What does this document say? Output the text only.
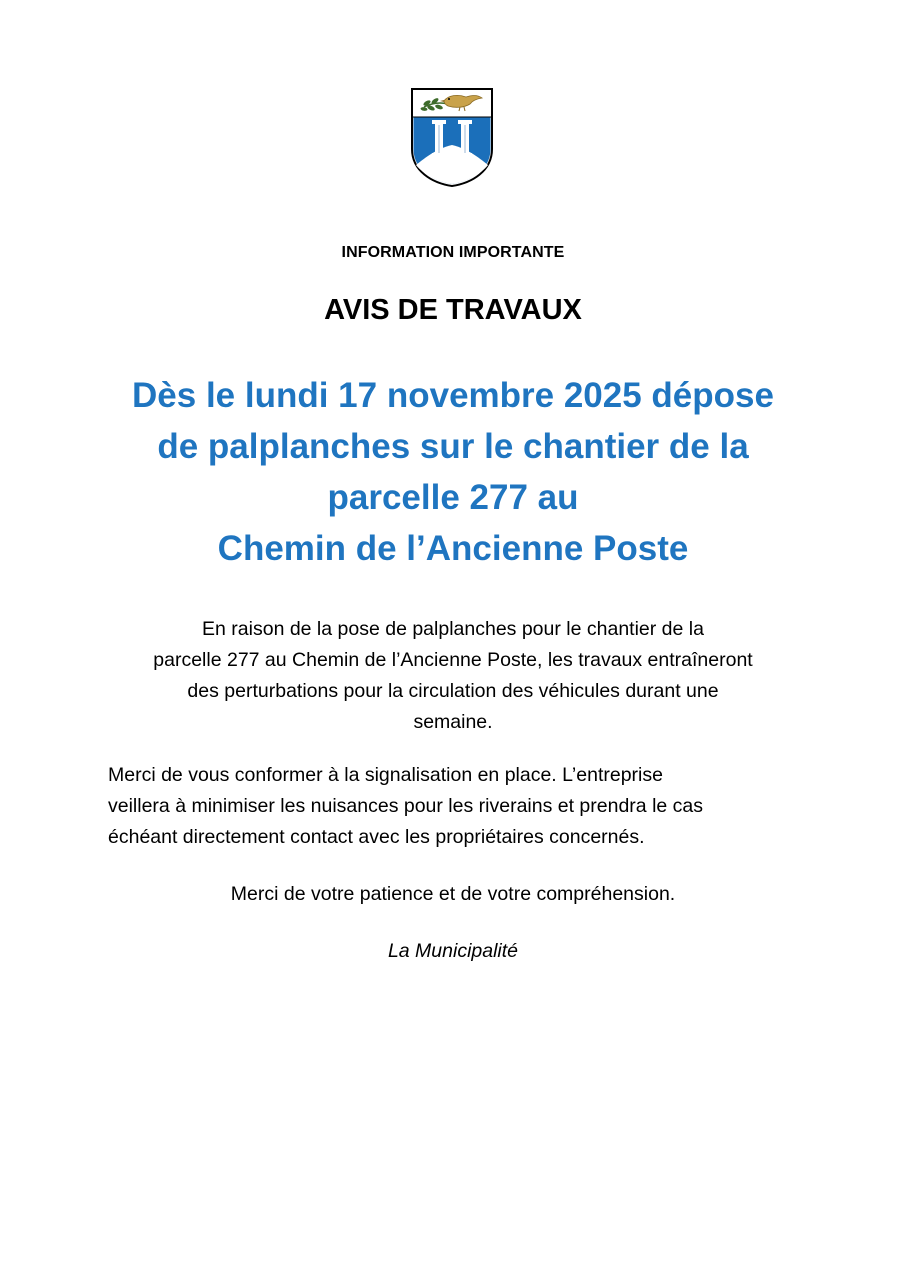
INFORMATION IMPORTANTE
AVIS DE TRAVAUX
Dès le lundi 17 novembre 2025 dépose
de palplanches sur le chantier de la
parcelle 277 au
Chemin de l’Ancienne Poste
En raison de la pose de palplanches pour le chantier de la
parcelle 277 au Chemin de l’Ancienne Poste, les travaux entraîneront
des perturbations pour la circulation des véhicules durant une
semaine.
Merci de vous conformer à la signalisation en place. L’entreprise
veillera à minimiser les nuisances pour les riverains et prendra le cas
échéant directement contact avec les propriétaires concernés.
Merci de votre patience et de votre compréhension.
La Municipalité
